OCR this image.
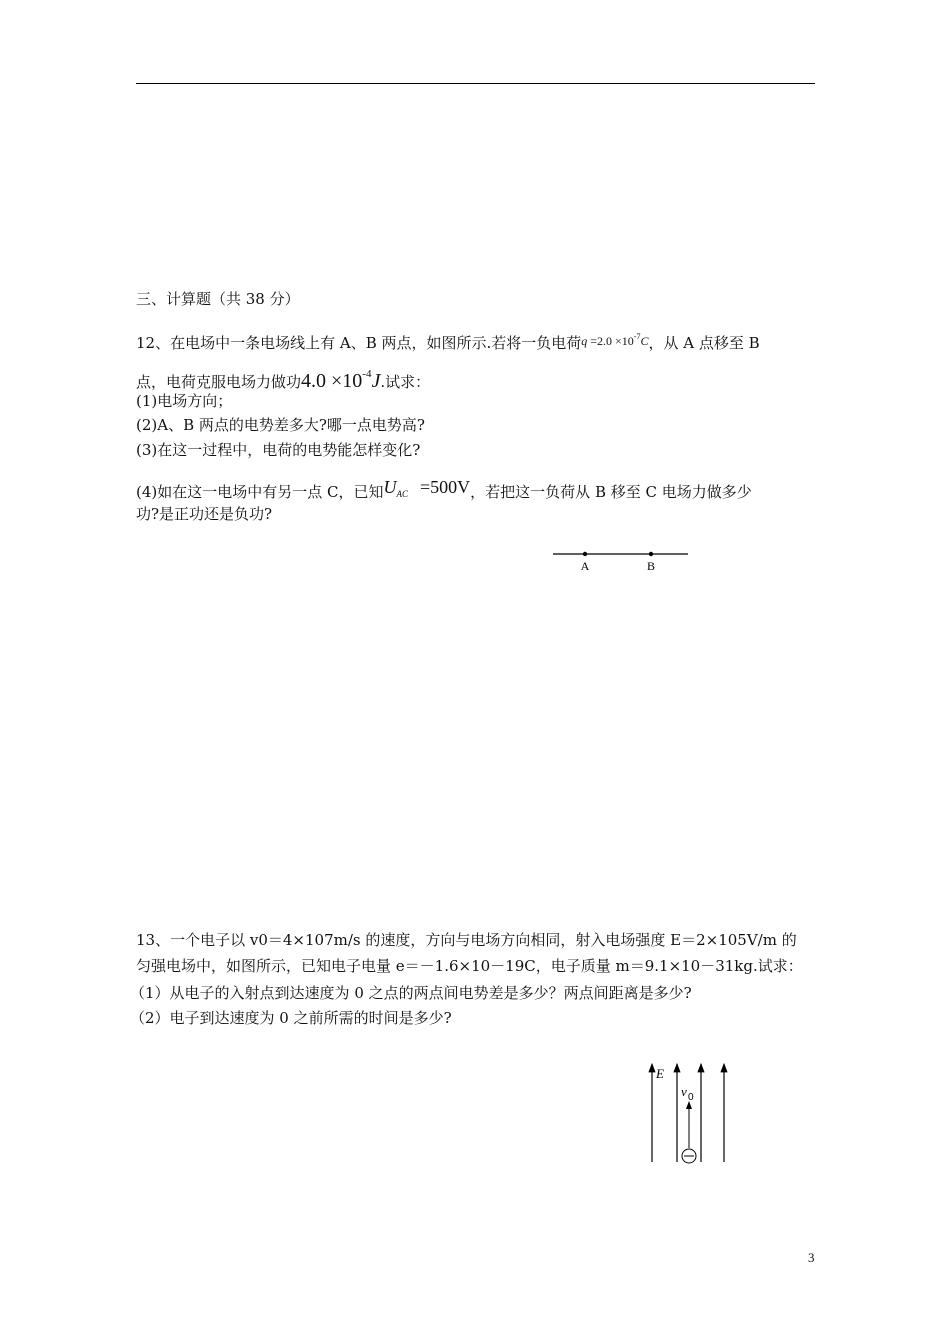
三、计算题（共 38 分）
12、在电场中一条电场线上有 A、B 两点，如图所示.若将一负电荷$^q$ $^{=2.0 \times 10-7C}$，从 A 点移至 B
点，电荷克服电场力做功$4.0 \times 10^{-4}J$.试求：
(1)电场方向；
(2)A、B 两点的电势差多大?哪一点电势高?
(3)在这一过程中，电荷的电势能怎样变化?
(4)如在这一电场中有另一点 C，已知UAC =500V，若把这一负荷从 B 移至 C 电场力做多少
功?是正功还是负功?
A	B
13、一个电子以 v0＝4×107m/s 的速度，方向与电场方向相同，射入电场强度 E＝2×105V/m 的
匀强电场中，如图所示，已知电子电量 e＝－1.6×10－19C，电子质量 m＝9.1×10－31kg.试求：
（1）从电子的入射点到达速度为 0 之点的两点间电势差是多少？两点间距离是多少?
（2）电子到达速度为 0 之前所需的时间是多少?
E
v 0
3
